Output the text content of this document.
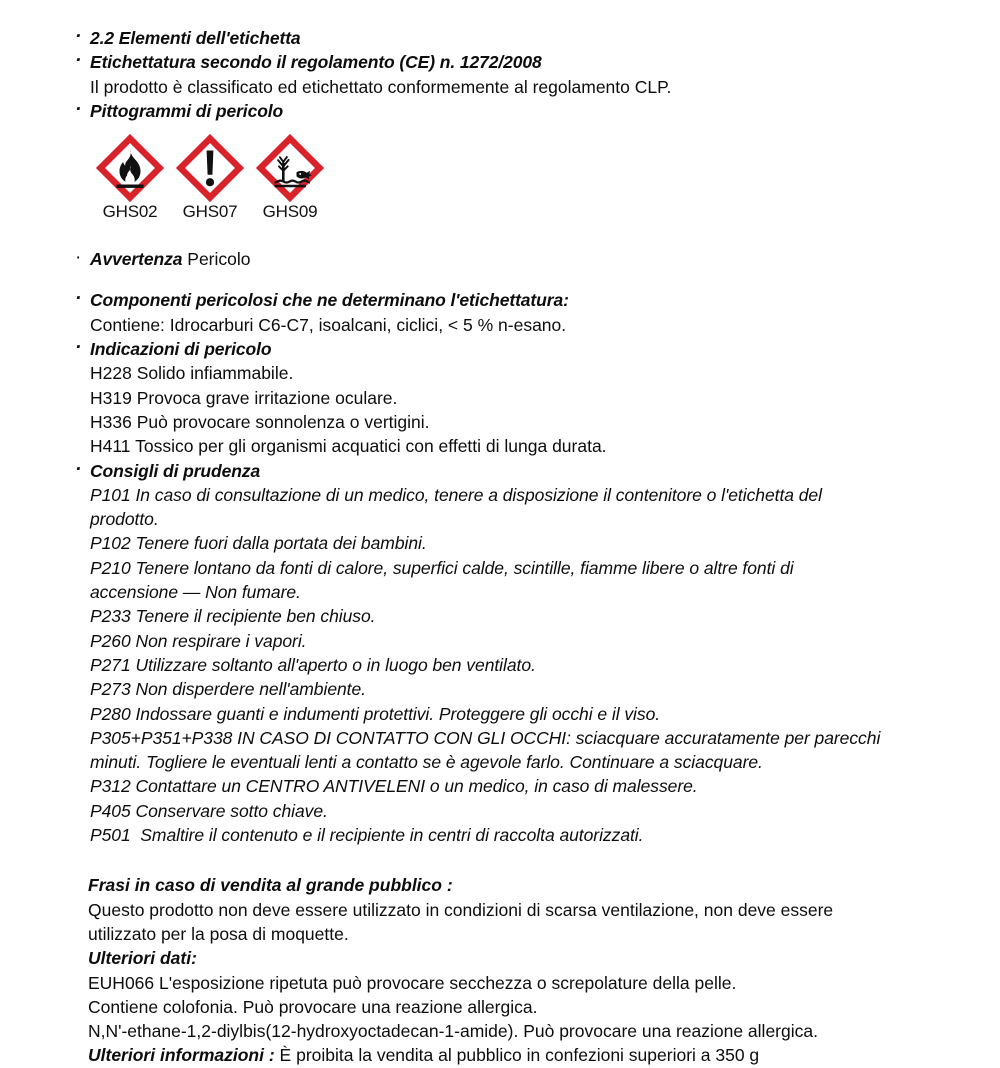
· 2.2 Elementi dell'etichetta
· Etichettatura secondo il regolamento (CE) n. 1272/2008
Il prodotto è classificato ed etichettato conformemente al regolamento CLP.
· Pittogrammi di pericolo
GHS02 GHS07 GHS09
· Avvertenza Pericolo
· Componenti pericolosi che ne determinano l'etichettatura:
Contiene: Idrocarburi C6-C7, isoalcani, ciclici, < 5 % n-esano.
· Indicazioni di pericolo
H228 Solido infiammabile.
H319 Provoca grave irritazione oculare.
H336 Può provocare sonnolenza o vertigini.
H411 Tossico per gli organismi acquatici con effetti di lunga durata.
· Consigli di prudenza
P101 In caso di consultazione di un medico, tenere a disposizione il contenitore o l'etichetta del
prodotto.
P102 Tenere fuori dalla portata dei bambini.
P210 Tenere lontano da fonti di calore, superfici calde, scintille, fiamme libere o altre fonti di
accensione — Non fumare.
P233 Tenere il recipiente ben chiuso.
P260 Non respirare i vapori.
P271 Utilizzare soltanto all'aperto o in luogo ben ventilato.
P273 Non disperdere nell'ambiente.
P280 Indossare guanti e indumenti protettivi. Proteggere gli occhi e il viso.
P305+P351+P338 IN CASO DI CONTATTO CON GLI OCCHI: sciacquare accuratamente per parecchi
minuti. Togliere le eventuali lenti a contatto se è agevole farlo. Continuare a sciacquare.
P312 Contattare un CENTRO ANTIVELENI o un medico, in caso di malessere.
P405 Conservare sotto chiave.
P501  Smaltire il contenuto e il recipiente in centri di raccolta autorizzati.
Frasi in caso di vendita al grande pubblico :
Questo prodotto non deve essere utilizzato in condizioni di scarsa ventilazione, non deve essere
utilizzato per la posa di moquette.
Ulteriori dati:
EUH066 L'esposizione ripetuta può provocare secchezza o screpolature della pelle.
Contiene colofonia. Può provocare una reazione allergica.
N,N'-ethane-1,2-diylbis(12-hydroxyoctadecan-1-amide). Può provocare una reazione allergica.
Ulteriori informazioni : È proibita la vendita al pubblico in confezioni superiori a 350 g
